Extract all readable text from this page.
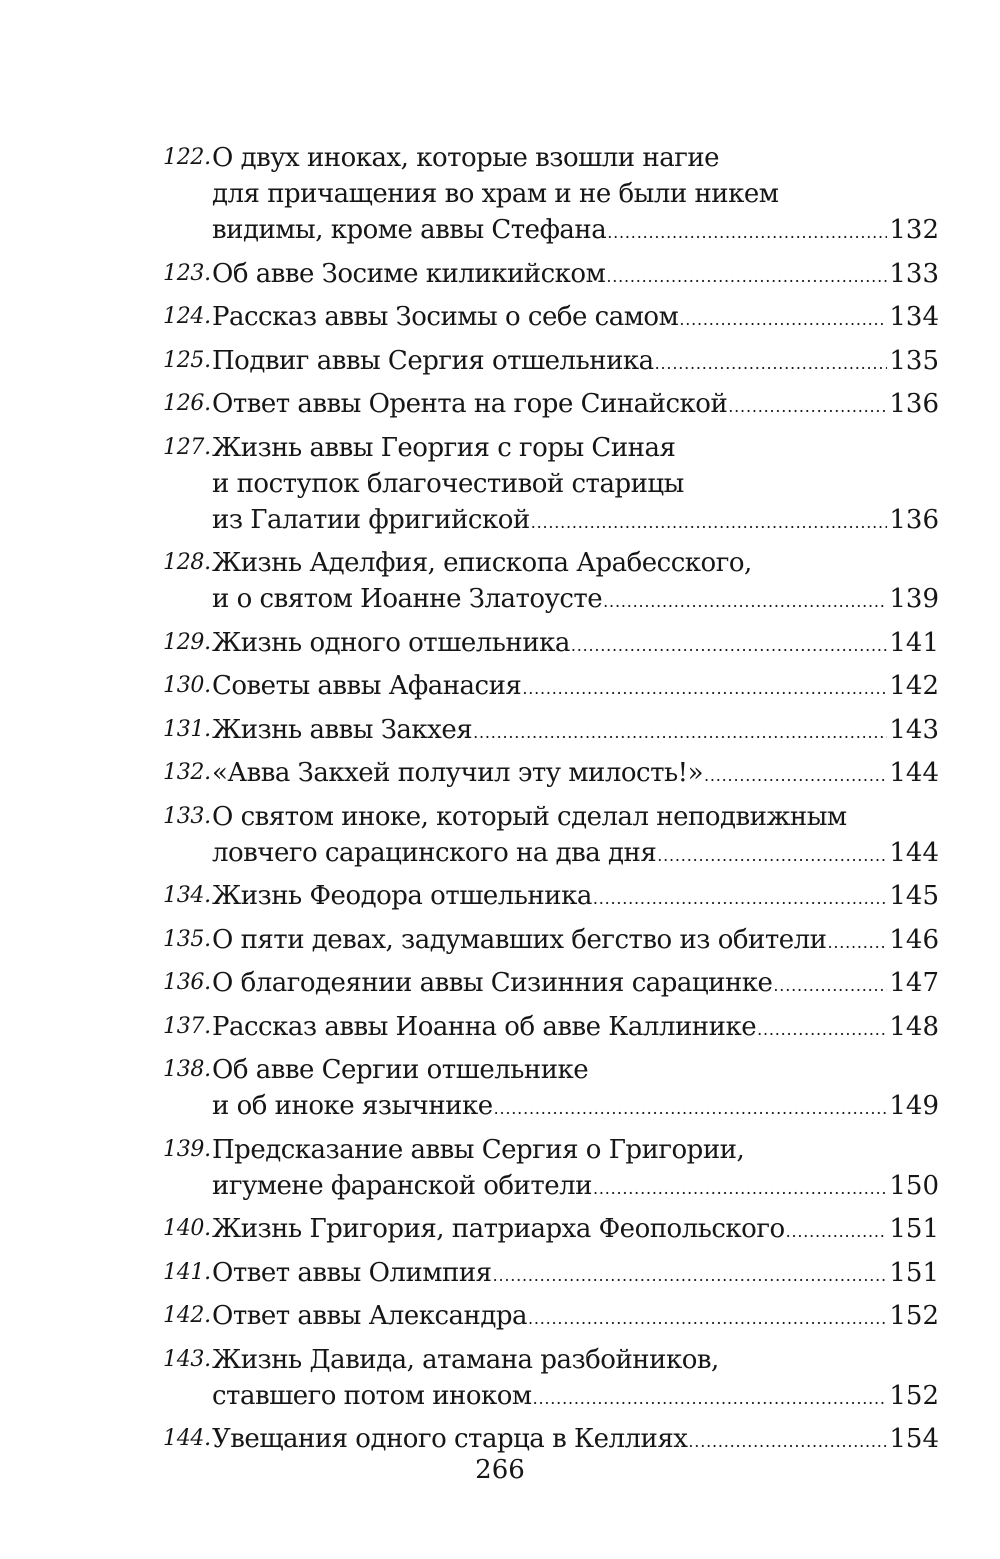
122. О двух иноках, которые взошли нагие
для причащения во храм и не были никем
видимы, кроме аввы Стефана .....	132
123. Об авве Зосиме киликийском .....	133
124. Рассказ аввы Зосимы о себе самом .....	134
125. Подвиг аввы Сергия отшельника .....	135
126. Ответ аввы Орента на горе Синайской .....	136
127. Жизнь аввы Георгия с горы Синая
и поступок благочестивой старицы
из Галатии фригийской .....	136
128. Жизнь Аделфия, епископа Арабесского,
и о святом Иоанне Златоусте .....	139
129. Жизнь одного отшельника .....	141
130. Советы аввы Афанасия .....	142
131. Жизнь аввы Закхея .....	143
132. «Авва Закхей получил эту милость!» .....	144
133. О святом иноке, который сделал неподвижным
ловчего сарацинского на два дня .....	144
134. Жизнь Феодора отшельника .....	145
135. О пяти девах, задумавших бегство из обители ..... 146
136. О благодеянии аввы Сизинния сарацинке .....	147
137. Рассказ аввы Иоанна об авве Каллинике .....	148
138. Об авве Сергии отшельнике
и об иноке язычнике .....	149
139. Предсказание аввы Сергия о Григории,
игумене фаранской обители .....	150
140. Жизнь Григория, патриарха Феопольского .....	151
141. Ответ аввы Олимпия .....	151
142. Ответ аввы Александра .....	152
143. Жизнь Давида, атамана разбойников,
ставшего потом иноком .....	152
144. Увещания одного старца в Келлиях .....	154
266
